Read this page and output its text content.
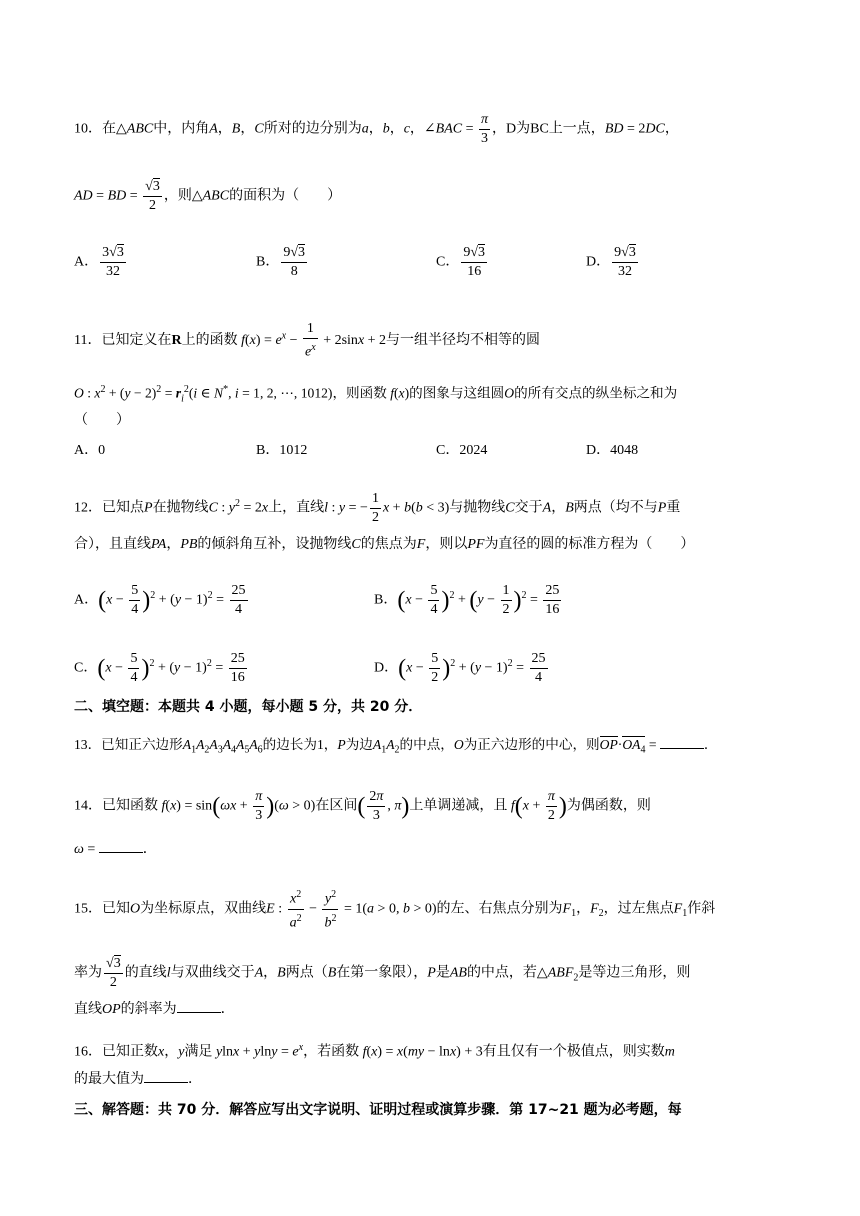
10．在△ABC中，内角A，B，C所对的边分别为a，b，c，∠BAC = $\frac{\pi}{3}$ ，D为BC上一点，BD = 2DC，
AD = BD = $\frac{√3}{2}$ ，则△ABC的面积为（　　）
A． $\frac{3√3}{32}$	B． $\frac{9√3}{8}$	C． $\frac{9√3}{16}$	D． $\frac{9√3}{32}$
11．已知定义在R上的函数 $f(x) = e^x - \frac{1}{e^x} + 2\sin x + 2$与一组半径均不相等的圆
O : $x^2 + (y - 2)^2 = r_i^2(i$ ∈ N*, i = 1, 2, ⋯, 1012)，则函数 f(x)的图象与这组圆O的所有交点的纵坐标之和为
（　　）
A．0	B．1012	C．2024	D．4048
12．已知点P在抛物线C : $y^2 = 2x$上，直线l : y = − $\frac{1}{2}$ x + b(b < 3)与抛物线C交于A，B两点（均不与P重
合），且直线PA，PB的倾斜角互补，设抛物线C的焦点为F，则以PF为直径的圆的标准方程为（　　）
A．$(x - \frac{5}{4} )^2 + (y - 1)^2 = \frac{25}{4}$	B．$(x - \frac{5}{4} )^2 + (y - \frac{1}{2} )^2 = \frac{25}{16}$
C．$(x - \frac{5}{4} )^2 + (y - 1)^2 = \frac{25}{16}$	D．$(x - \frac{5}{2} )^2 + (y - 1)^2 = \frac{25}{4}$
二、填空题：本题共 4 小题，每小题 5 分，共 20 分．
13．已知正六边形$A_1A_2A_3A_4A_5A_6$的边长为1，P为边$A_1A_2$的中点，O为正六边形的中心，则$OP\cdot OA_4$ =	．
14．已知函数 $f(x) = \sin(\omega x + \frac{\pi}{3} )(\omega > 0)$在区间( $\frac{2\pi}{3}$ , π)上单调递减，且 $f(x + \frac{\pi}{2}$ )为偶函数，则
ω =	．
15．已知O为坐标原点，双曲线E : $\frac{x^2}{a^2} - \frac{y^2}{b^2} = 1(a > 0$, b > 0)的左、右焦点分别为$F_1$，$F_2$，过左焦点$F_1$作斜
率为 $\frac{√3}{2}$ 的直线l与双曲线交于A，B两点（B在第一象限），P是AB的中点，若$\triangle ABF_2$是等边三角形，则
直线OP的斜率为	．
16．已知正数x，y满足 $ylnx + ylny = e^x$，若函数 f(x) = x(my − lnx) + 3有且仅有一个极值点，则实数m
的最大值为	．
三、解答题：共 70 分．解答应写出文字说明、证明过程或演算步骤．第 17~21 题为必考题，每
